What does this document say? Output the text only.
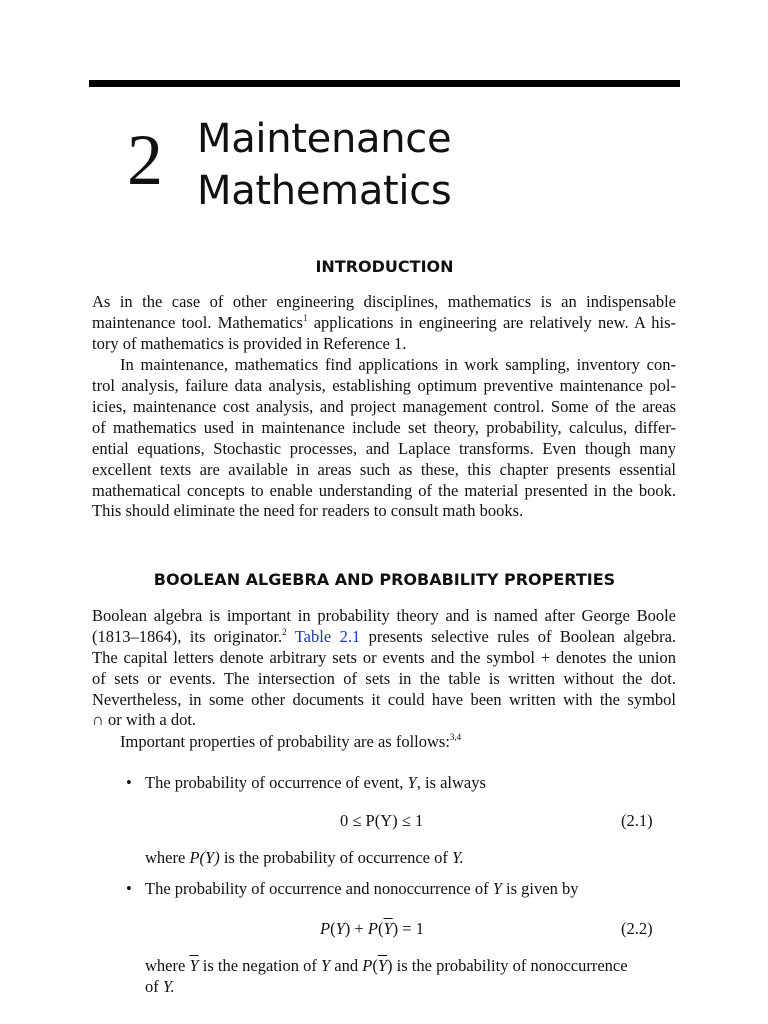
2 Maintenance
Mathematics
INTRODUCTION
As in the case of other engineering disciplines, mathematics is an indispensable
maintenance tool. Mathematics$^1$ applications in engineering are relatively new. A his-
tory of mathematics is provided in Reference 1.
In maintenance, mathematics find applications in work sampling, inventory con-
trol analysis, failure data analysis, establishing optimum preventive maintenance pol-
icies, maintenance cost analysis, and project management control. Some of the areas
of mathematics used in maintenance include set theory, probability, calculus, differ-
ential equations, Stochastic processes, and Laplace transforms. Even though many
excellent texts are available in areas such as these, this chapter presents essential
mathematical concepts to enable understanding of the material presented in the book.
This should eliminate the need for readers to consult math books.
BOOLEAN ALGEBRA AND PROBABILITY PROPERTIES
Boolean algebra is important in probability theory and is named after George Boole
(1813–1864), its originator.$^2$ Table 2.1 presents selective rules of Boolean algebra.
The capital letters denote arbitrary sets or events and the symbol + denotes the union
of sets or events. The intersection of sets in the table is written without the dot.
Nevertheless, in some other documents it could have been written with the symbol
∩ or with a dot.
Important properties of probability are as follows:$^{3,4}$
• The probability of occurrence of event, Y, is always
0 ≤ P(Y) ≤ 1	(2.1)
where P(Y) is the probability of occurrence of Y.
• The probability of occurrence and nonoccurrence of Y is given by
$P(Y) + P(\overline{Y}) = 1$	(2.2)
where $\overline{Y}$ is the negation of Y and $P(\overline{Y})$ is the probability of nonoccurrence
of Y.
